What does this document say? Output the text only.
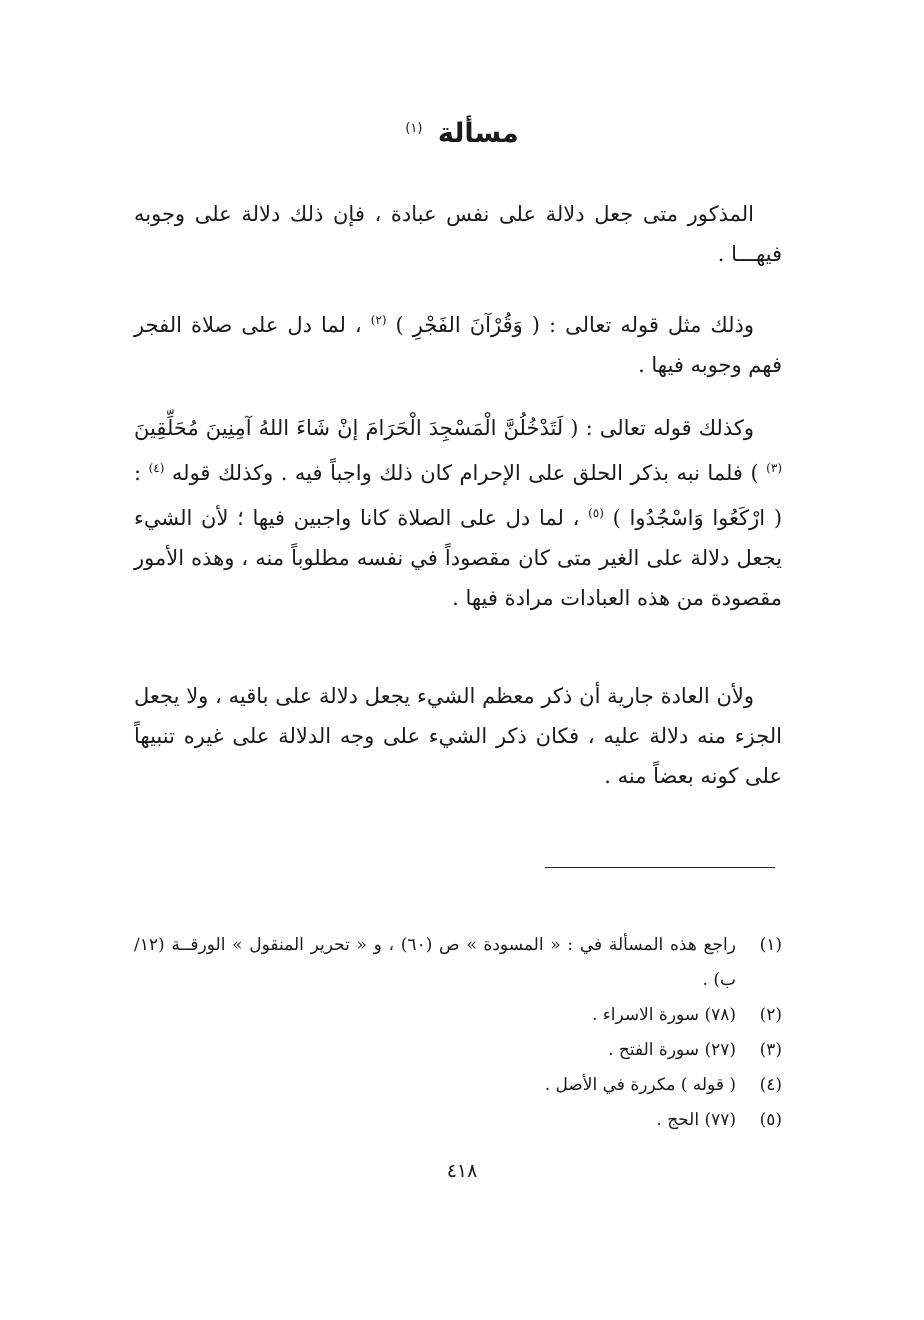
مسألة $^{(١)}$

المذكور متى جعل دلالة على نفس عبادة ، فإن ذلك دلالة على وجوبه فيهـــا .

وذلك مثل قوله تعالى : ( وَقُرْآنَ الفَجْرِ ) $^{(٢)}$ ، لما دل على صلاة الفجر فهم وجوبه فيها .

وكذلك قوله تعالى : ( لَتَدْخُلُنَّ الْمَسْجِدَ الْحَرَامَ إنْ شَاءَ اللهُ آمِنِينَ مُحَلِّقِينَ $^{(٣)}$ ) فلما نبه بذكر الحلق على الإحرام كان ذلك واجباً فيه . وكذلك قوله $^{(٤)}$ : ( ارْكَعُوا وَاسْجُدُوا ) $^{(٥)}$ ، لما دل على الصلاة كانا واجبين فيها ؛ لأن الشيء يجعل دلالة على الغير متى كان مقصوداً في نفسه مطلوباً منه ، وهذه الأمور مقصودة من هذه العبادات مرادة فيها .

ولأن العادة جارية أن ذكر معظم الشيء يجعل دلالة على باقيه ، ولا يجعل الجزء منه دلالة عليه ، فكان ذكر الشيء على وجه الدلالة على غيره تنبيهاً على كونه بعضاً منه .

(١)
راجع هذه المسألة في : « المسودة » ص (٦٠) ، و « تحرير المنقول » الورقــة (١٢/ب) .
(٢)
(٧٨) سورة الاسراء .
(٣)
(٢٧) سورة الفتح .
(٤)
( قوله ) مكررة في الأصل .
(٥)
(٧٧) الحج .
٤١٨
